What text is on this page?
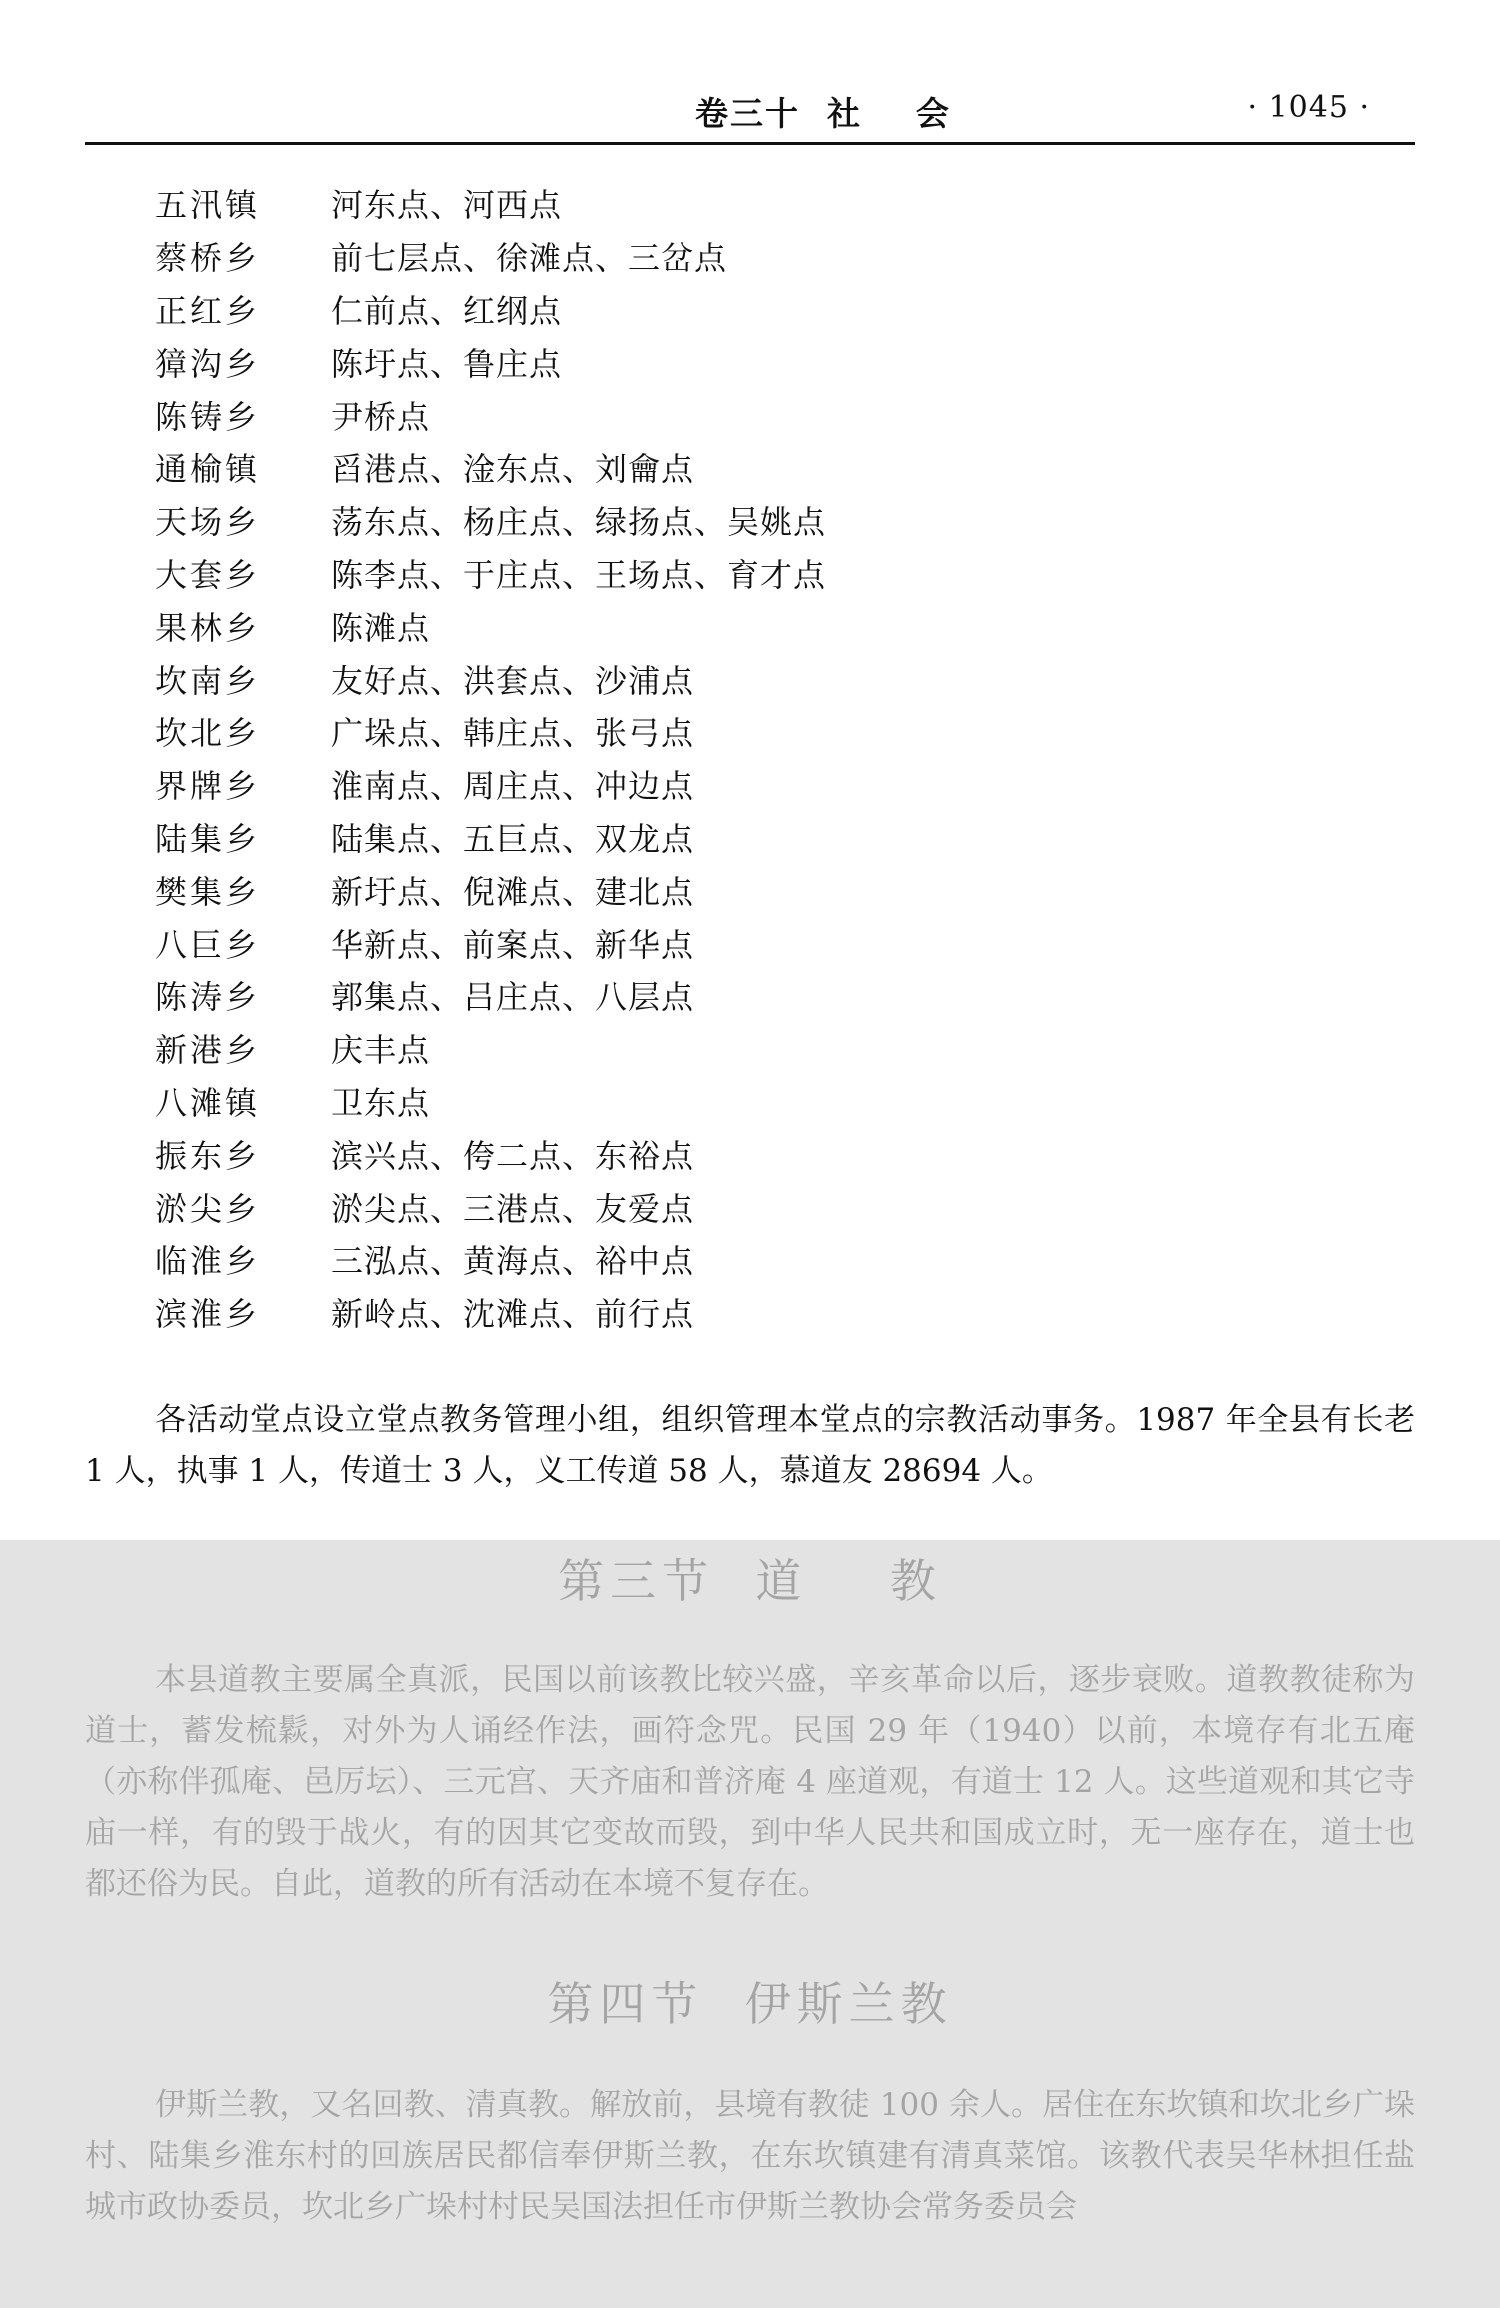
卷三十  社    会	· 1045 ·
五汛镇	河东点、河西点
蔡桥乡	前七层点、徐滩点、三岔点
正红乡	仁前点、红纲点
獐沟乡	陈圩点、鲁庄点
陈铸乡	尹桥点
通榆镇	舀港点、淦东点、刘龠点
天场乡	荡东点、杨庄点、绿扬点、吴姚点
大套乡	陈李点、于庄点、王场点、育才点
果林乡	陈滩点
坎南乡	友好点、洪套点、沙浦点
坎北乡	广垛点、韩庄点、张弓点
界牌乡	淮南点、周庄点、冲边点
陆集乡	陆集点、五巨点、双龙点
樊集乡	新圩点、倪滩点、建北点
八巨乡	华新点、前案点、新华点
陈涛乡	郭集点、吕庄点、八层点
新港乡	庆丰点
八滩镇	卫东点
振东乡	滨兴点、侉二点、东裕点
淤尖乡	淤尖点、三港点、友爱点
临淮乡	三泓点、黄海点、裕中点
滨淮乡	新岭点、沈滩点、前行点

各活动堂点设立堂点教务管理小组，组织管理本堂点的宗教活动事务。1987 年全县有长老 1 人，执事 1 人，传道士 3 人，义工传道 58 人，慕道友 28694 人。

第三节  道    教

本县道教主要属全真派，民国以前该教比较兴盛，辛亥革命以后，逐步衰败。道教教徒称为道士，蓄发梳鬏，对外为人诵经作法，画符念咒。民国 29 年（1940）以前，本境存有北五庵（亦称伴孤庵、邑厉坛）、三元宫、天齐庙和普济庵 4 座道观，有道士 12 人。这些道观和其它寺庙一样，有的毁于战火，有的因其它变故而毁，到中华人民共和国成立时，无一座存在，道士也都还俗为民。自此，道教的所有活动在本境不复存在。

第四节  伊斯兰教

伊斯兰教，又名回教、清真教。解放前，县境有教徒 100 余人。居住在东坎镇和坎北乡广垛村、陆集乡淮东村的回族居民都信奉伊斯兰教，在东坎镇建有清真菜馆。该教代表吴华林担任盐城市政协委员，坎北乡广垛村村民吴国法担任市伊斯兰教协会常务委员会
